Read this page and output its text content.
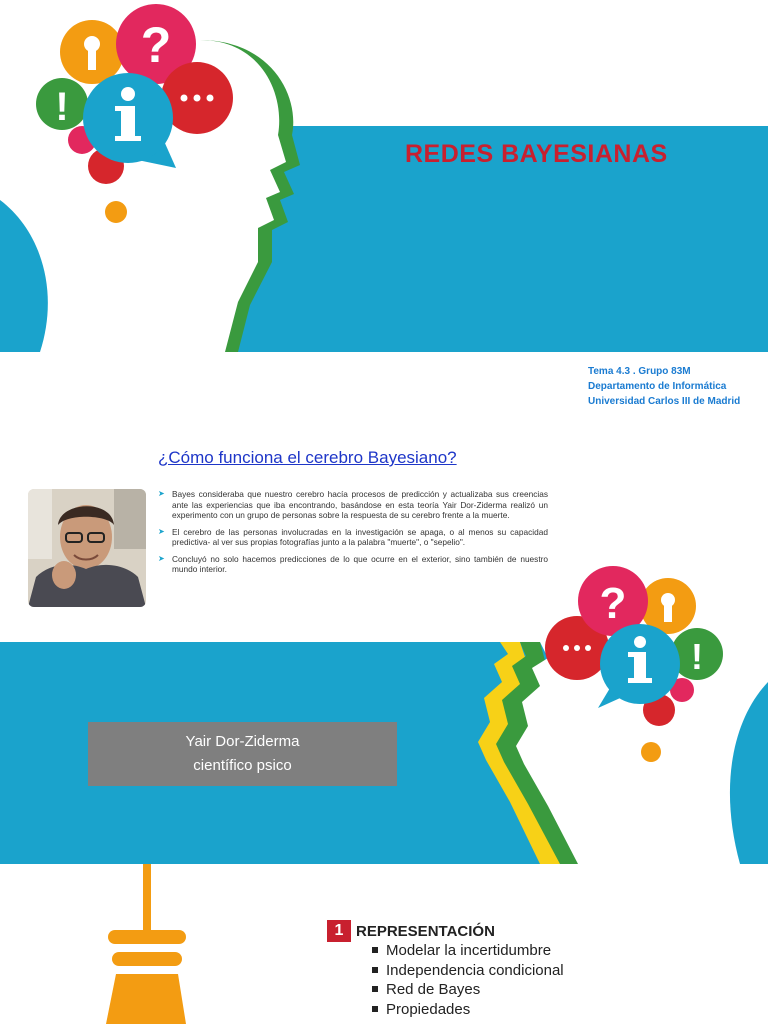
?
!
REDES BAYESIANAS
Tema 4.3 . Grupo 83M
Departamento de Informática
Universidad Carlos III de Madrid
¿Cómo funciona el cerebro Bayesiano?
➤ Bayes consideraba que nuestro cerebro hacía procesos de predicción y actualizaba sus creencias ante las experiencias que iba encontrando, basándose en esta teoría Yair Dor-Ziderma realizó un experimento con un grupo de personas sobre la respuesta de su cerebro frente a la muerte.
➤ El cerebro de las personas involucradas en la investigación se apaga, o al menos su capacidad predictiva- al ver sus propias fotografías junto a la palabra "muerte", o "sepelio".
➤ Concluyó no solo hacemos predicciones de lo que ocurre en el exterior, sino también de nuestro mundo interior.
Yair Dor-Ziderma
científico psico
?
!
1 REPRESENTACIÓN
Modelar la incertidumbre
Independencia condicional
Red de Bayes
Propiedades
